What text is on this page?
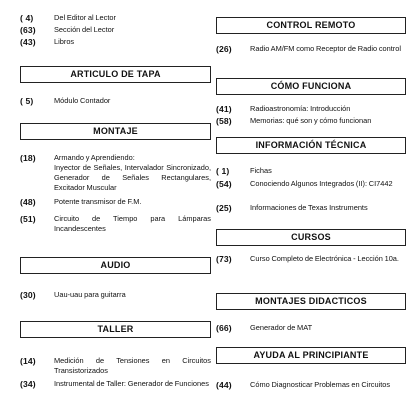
( 4)	Del Editor al Lector
(63) Sección del Lector
(43) Libros
ARTICULO DE TAPA
( 5)	Módulo Contador
MONTAJE
(18) Armando y Aprendiendo:
Inyector de Señales, Intervalador Sincronizado, Generador de Señales Rectangulares, Excitador Muscular
(48) Potente transmisor de F.M.
(51) Circuito de Tiempo para Lámparas Incandescentes
AUDIO
(30) Uau-uau para guitarra
TALLER
(14) Medición de Tensiones en Circuitos Transistorizados
(34) Instrumental de Taller: Generador de Funciones
CONTROL REMOTO
(26) Radio AM/FM como Receptor de Radio control
CÓMO FUNCIONA
(41) Radioastronomía: Introducción
(58) Memorias: qué son y cómo funcionan
INFORMACIÓN TÉCNICA
( 1)	Fichas
(54) Conociendo Algunos Integrados (II): CI7442
(25) Informaciones de Texas Instruments
CURSOS
(73) Curso Completo de Electrónica - Lección 10a.
MONTAJES DIDACTICOS
(66) Generador de MAT
AYUDA AL PRINCIPIANTE
(44) Cómo Diagnosticar Problemas en Circuitos
